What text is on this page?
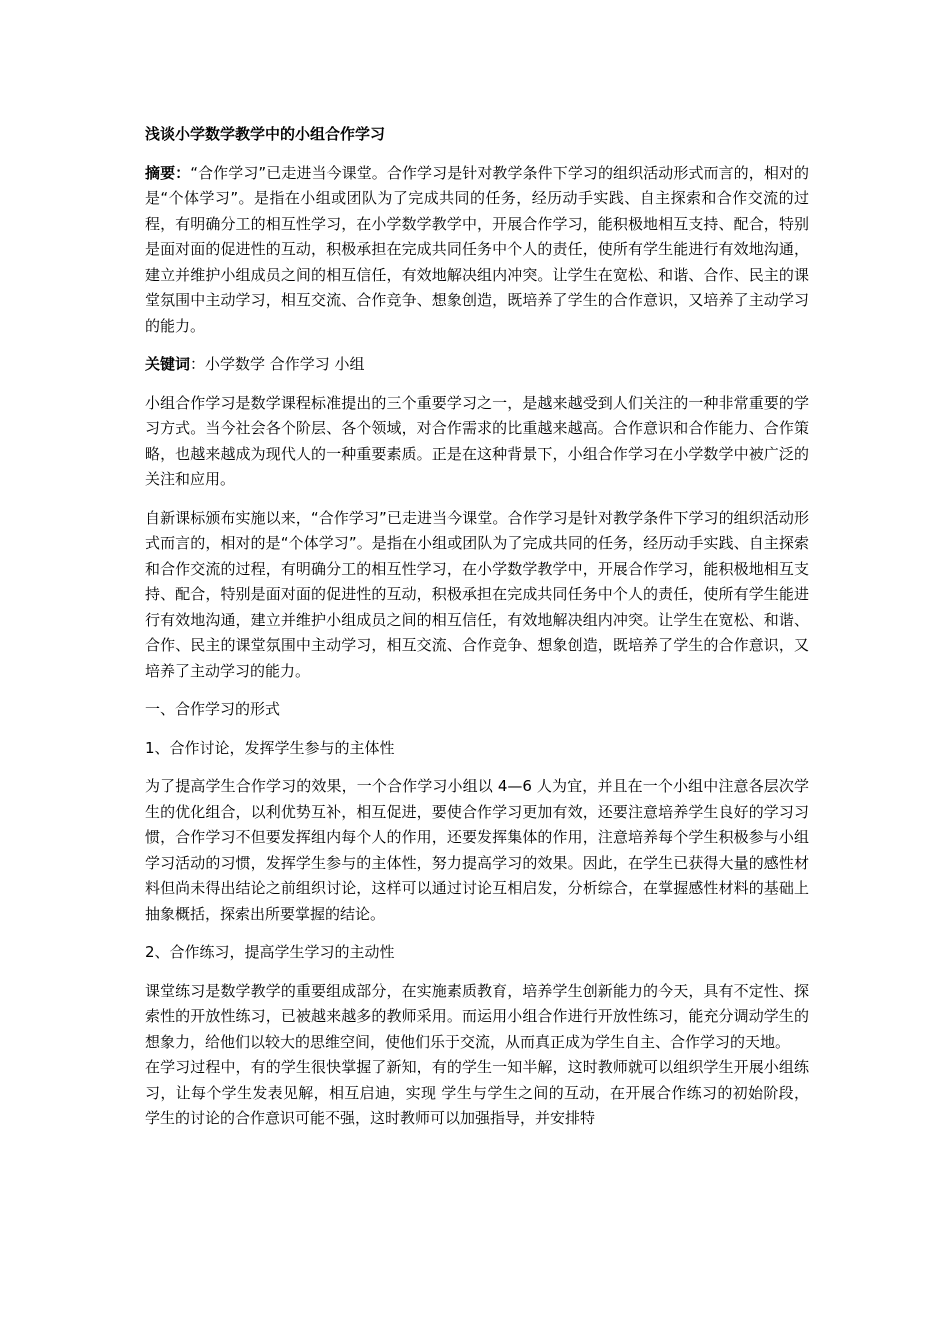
浅谈小学数学教学中的小组合作学习

摘要：“合作学习”已走进当今课堂。合作学习是针对教学条件下学习的组织活动形式而言的，相对的是“个体学习”。是指在小组或团队为了完成共同的任务，经历动手实践、自主探索和合作交流的过程，有明确分工的相互性学习，在小学数学教学中，开展合作学习，能积极地相互支持、配合，特别是面对面的促进性的互动，积极承担在完成共同任务中个人的责任，使所有学生能进行有效地沟通，建立并维护小组成员之间的相互信任，有效地解决组内冲突。让学生在宽松、和谐、合作、民主的课堂氛围中主动学习，相互交流、合作竞争、想象创造，既培养了学生的合作意识，又培养了主动学习的能力。

关键词：小学数学 合作学习 小组

小组合作学习是数学课程标准提出的三个重要学习之一，是越来越受到人们关注的一种非常重要的学习方式。当今社会各个阶层、各个领域，对合作需求的比重越来越高。合作意识和合作能力、合作策略，也越来越成为现代人的一种重要素质。正是在这种背景下，小组合作学习在小学数学中被广泛的关注和应用。

自新课标颁布实施以来，“合作学习”已走进当今课堂。合作学习是针对教学条件下学习的组织活动形式而言的，相对的是“个体学习”。是指在小组或团队为了完成共同的任务，经历动手实践、自主探索和合作交流的过程，有明确分工的相互性学习，在小学数学教学中，开展合作学习，能积极地相互支持、配合，特别是面对面的促进性的互动，积极承担在完成共同任务中个人的责任，使所有学生能进行有效地沟通，建立并维护小组成员之间的相互信任，有效地解决组内冲突。让学生在宽松、和谐、合作、民主的课堂氛围中主动学习，相互交流、合作竞争、想象创造，既培养了学生的合作意识，又培养了主动学习的能力。

一、合作学习的形式

1、合作讨论，发挥学生参与的主体性

为了提高学生合作学习的效果，一个合作学习小组以 4—6 人为宜，并且在一个小组中注意各层次学生的优化组合，以利优势互补，相互促进，要使合作学习更加有效，还要注意培养学生良好的学习习惯，合作学习不但要发挥组内每个人的作用，还要发挥集体的作用，注意培养每个学生积极参与小组学习活动的习惯，发挥学生参与的主体性，努力提高学习的效果。因此，在学生已获得大量的感性材料但尚未得出结论之前组织讨论，这样可以通过讨论互相启发，分析综合，在掌握感性材料的基础上抽象概括，探索出所要掌握的结论。

2、合作练习，提高学生学习的主动性

课堂练习是数学教学的重要组成部分，在实施素质教育，培养学生创新能力的今天，具有不定性、探索性的开放性练习，已被越来越多的教师采用。而运用小组合作进行开放性练习，能充分调动学生的想象力，给他们以较大的思维空间，使他们乐于交流，从而真正成为学生自主、合作学习的天地。

在学习过程中，有的学生很快掌握了新知，有的学生一知半解，这时教师就可以组织学生开展小组练习，让每个学生发表见解，相互启迪，实现 学生与学生之间的互动，在开展合作练习的初始阶段，学生的讨论的合作意识可能不强，这时教师可以加强指导，并安排特
